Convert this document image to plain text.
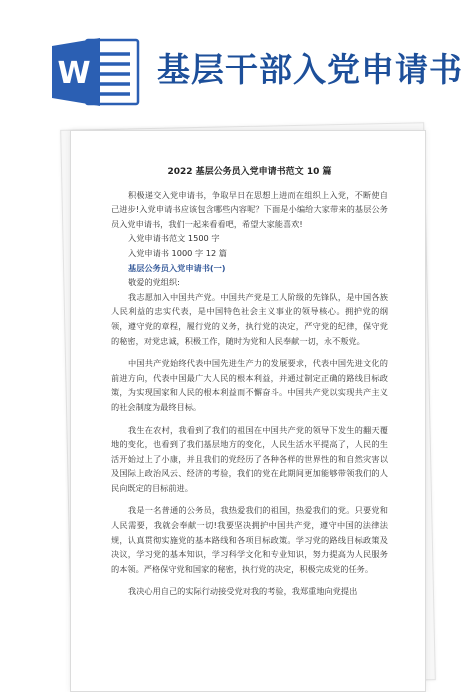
W 基层干部入党申请书
2022 基层公务员入党申请书范文 10 篇

积极递交入党申请书，争取早日在思想上进而在组织上入党，不断使自己进步!入党申请书应该包含哪些内容呢？下面是小编给大家带来的基层公务员入党申请书，我们一起来看看吧，希望大家能喜欢!

入党申请书范文 1500 字

入党申请书 1000 字 12 篇

基层公务员入党申请书(一)

敬爱的党组织:

我志愿加入中国共产党。中国共产党是工人阶级的先锋队，是中国各族人民利益的忠实代表，是中国特色社会主义事业的领导核心。拥护党的纲领，遵守党的章程，履行党的义务，执行党的决定，严守党的纪律，保守党的秘密，对党忠诚，积极工作，随时为党和人民奉献一切，永不叛党。

中国共产党始终代表中国先进生产力的发展要求，代表中国先进文化的前进方向，代表中国最广大人民的根本利益，并通过制定正确的路线目标政策，为实现国家和人民的根本利益而不懈奋斗。中国共产党以实现共产主义的社会制度为最终目标。

我生在农村，我看到了我们的祖国在中国共产党的领导下发生的翻天覆地的变化，也看到了我们基层地方的变化，人民生活水平提高了，人民的生活开始过上了小康，并且我们的党经历了各种各样的世界性的和自然灾害以及国际上政治风云、经济的考验，我们的党在此期间更加能够带领我们的人民向既定的目标前进。

我是一名普通的公务员，我热爱我们的祖国，热爱我们的党。只要党和人民需要，我就会奉献一切!我要坚决拥护中国共产党，遵守中国的法律法规，认真贯彻实施党的基本路线和各项目标政策。学习党的路线目标政策及决议，学习党的基本知识，学习科学文化和专业知识，努力提高为人民服务的本领。严格保守党和国家的秘密，执行党的决定，积极完成党的任务。

我决心用自己的实际行动接受党对我的考验，我郑重地向党提出
